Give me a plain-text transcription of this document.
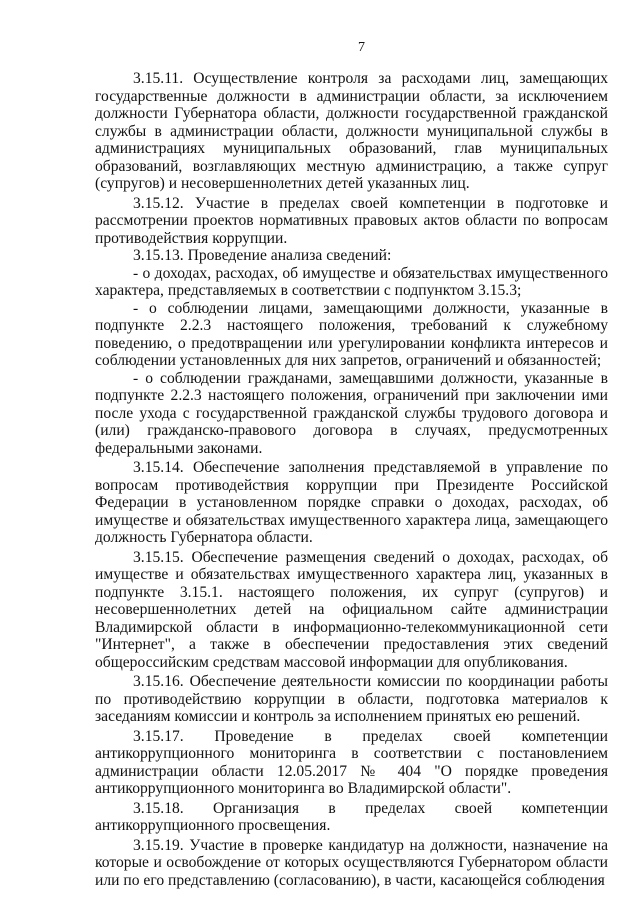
7

3.15.11. Осуществление контроля за расходами лиц, замещающих государственные должности в администрации области, за исключением должности Губернатора области, должности государственной гражданской службы в администрации области, должности муниципальной службы в администрациях муниципальных образований, глав муниципальных образований, возглавляющих местную администрацию, а также супруг (супругов) и несовершеннолетних детей указанных лиц.

3.15.12. Участие в пределах своей компетенции в подготовке и рассмотрении проектов нормативных правовых актов области по вопросам противодействия коррупции.

3.15.13. Проведение анализа сведений:

- о доходах, расходах, об имуществе и обязательствах имущественного характера, представляемых в соответствии с подпунктом 3.15.3;

- о соблюдении лицами, замещающими должности, указанные в подпункте 2.2.3 настоящего положения, требований к служебному поведению, о предотвращении или урегулировании конфликта интересов и соблюдении установленных для них запретов, ограничений и обязанностей;

- о соблюдении гражданами, замещавшими должности, указанные в подпункте 2.2.3 настоящего положения, ограничений при заключении ими после ухода с государственной гражданской службы трудового договора и (или) гражданско-правового договора в случаях, предусмотренных федеральными законами.

3.15.14. Обеспечение заполнения представляемой в управление по вопросам противодействия коррупции при Президенте Российской Федерации в установленном порядке справки о доходах, расходах, об имуществе и обязательствах имущественного характера лица, замещающего должность Губернатора области.

3.15.15. Обеспечение размещения сведений о доходах, расходах, об имуществе и обязательствах имущественного характера лиц, указанных в подпункте 3.15.1. настоящего положения, их супруг (супругов) и несовершеннолетних детей на официальном сайте администрации Владимирской области в информационно-телекоммуникационной сети "Интернет", а также в обеспечении предоставления этих сведений общероссийским средствам массовой информации для опубликования.

3.15.16. Обеспечение деятельности комиссии по координации работы по противодействию коррупции в области, подготовка материалов к заседаниям комиссии и контроль за исполнением принятых ею решений.

3.15.17. Проведение в пределах своей компетенции антикоррупционного мониторинга в соответствии с постановлением администрации области 12.05.2017 № 404 "О порядке проведения антикоррупционного мониторинга во Владимирской области".

3.15.18. Организация в пределах своей компетенции антикоррупционного просвещения.

3.15.19. Участие в проверке кандидатур на должности, назначение на которые и освобождение от которых осуществляются Губернатором области или по его представлению (согласованию), в части, касающейся соблюдения
